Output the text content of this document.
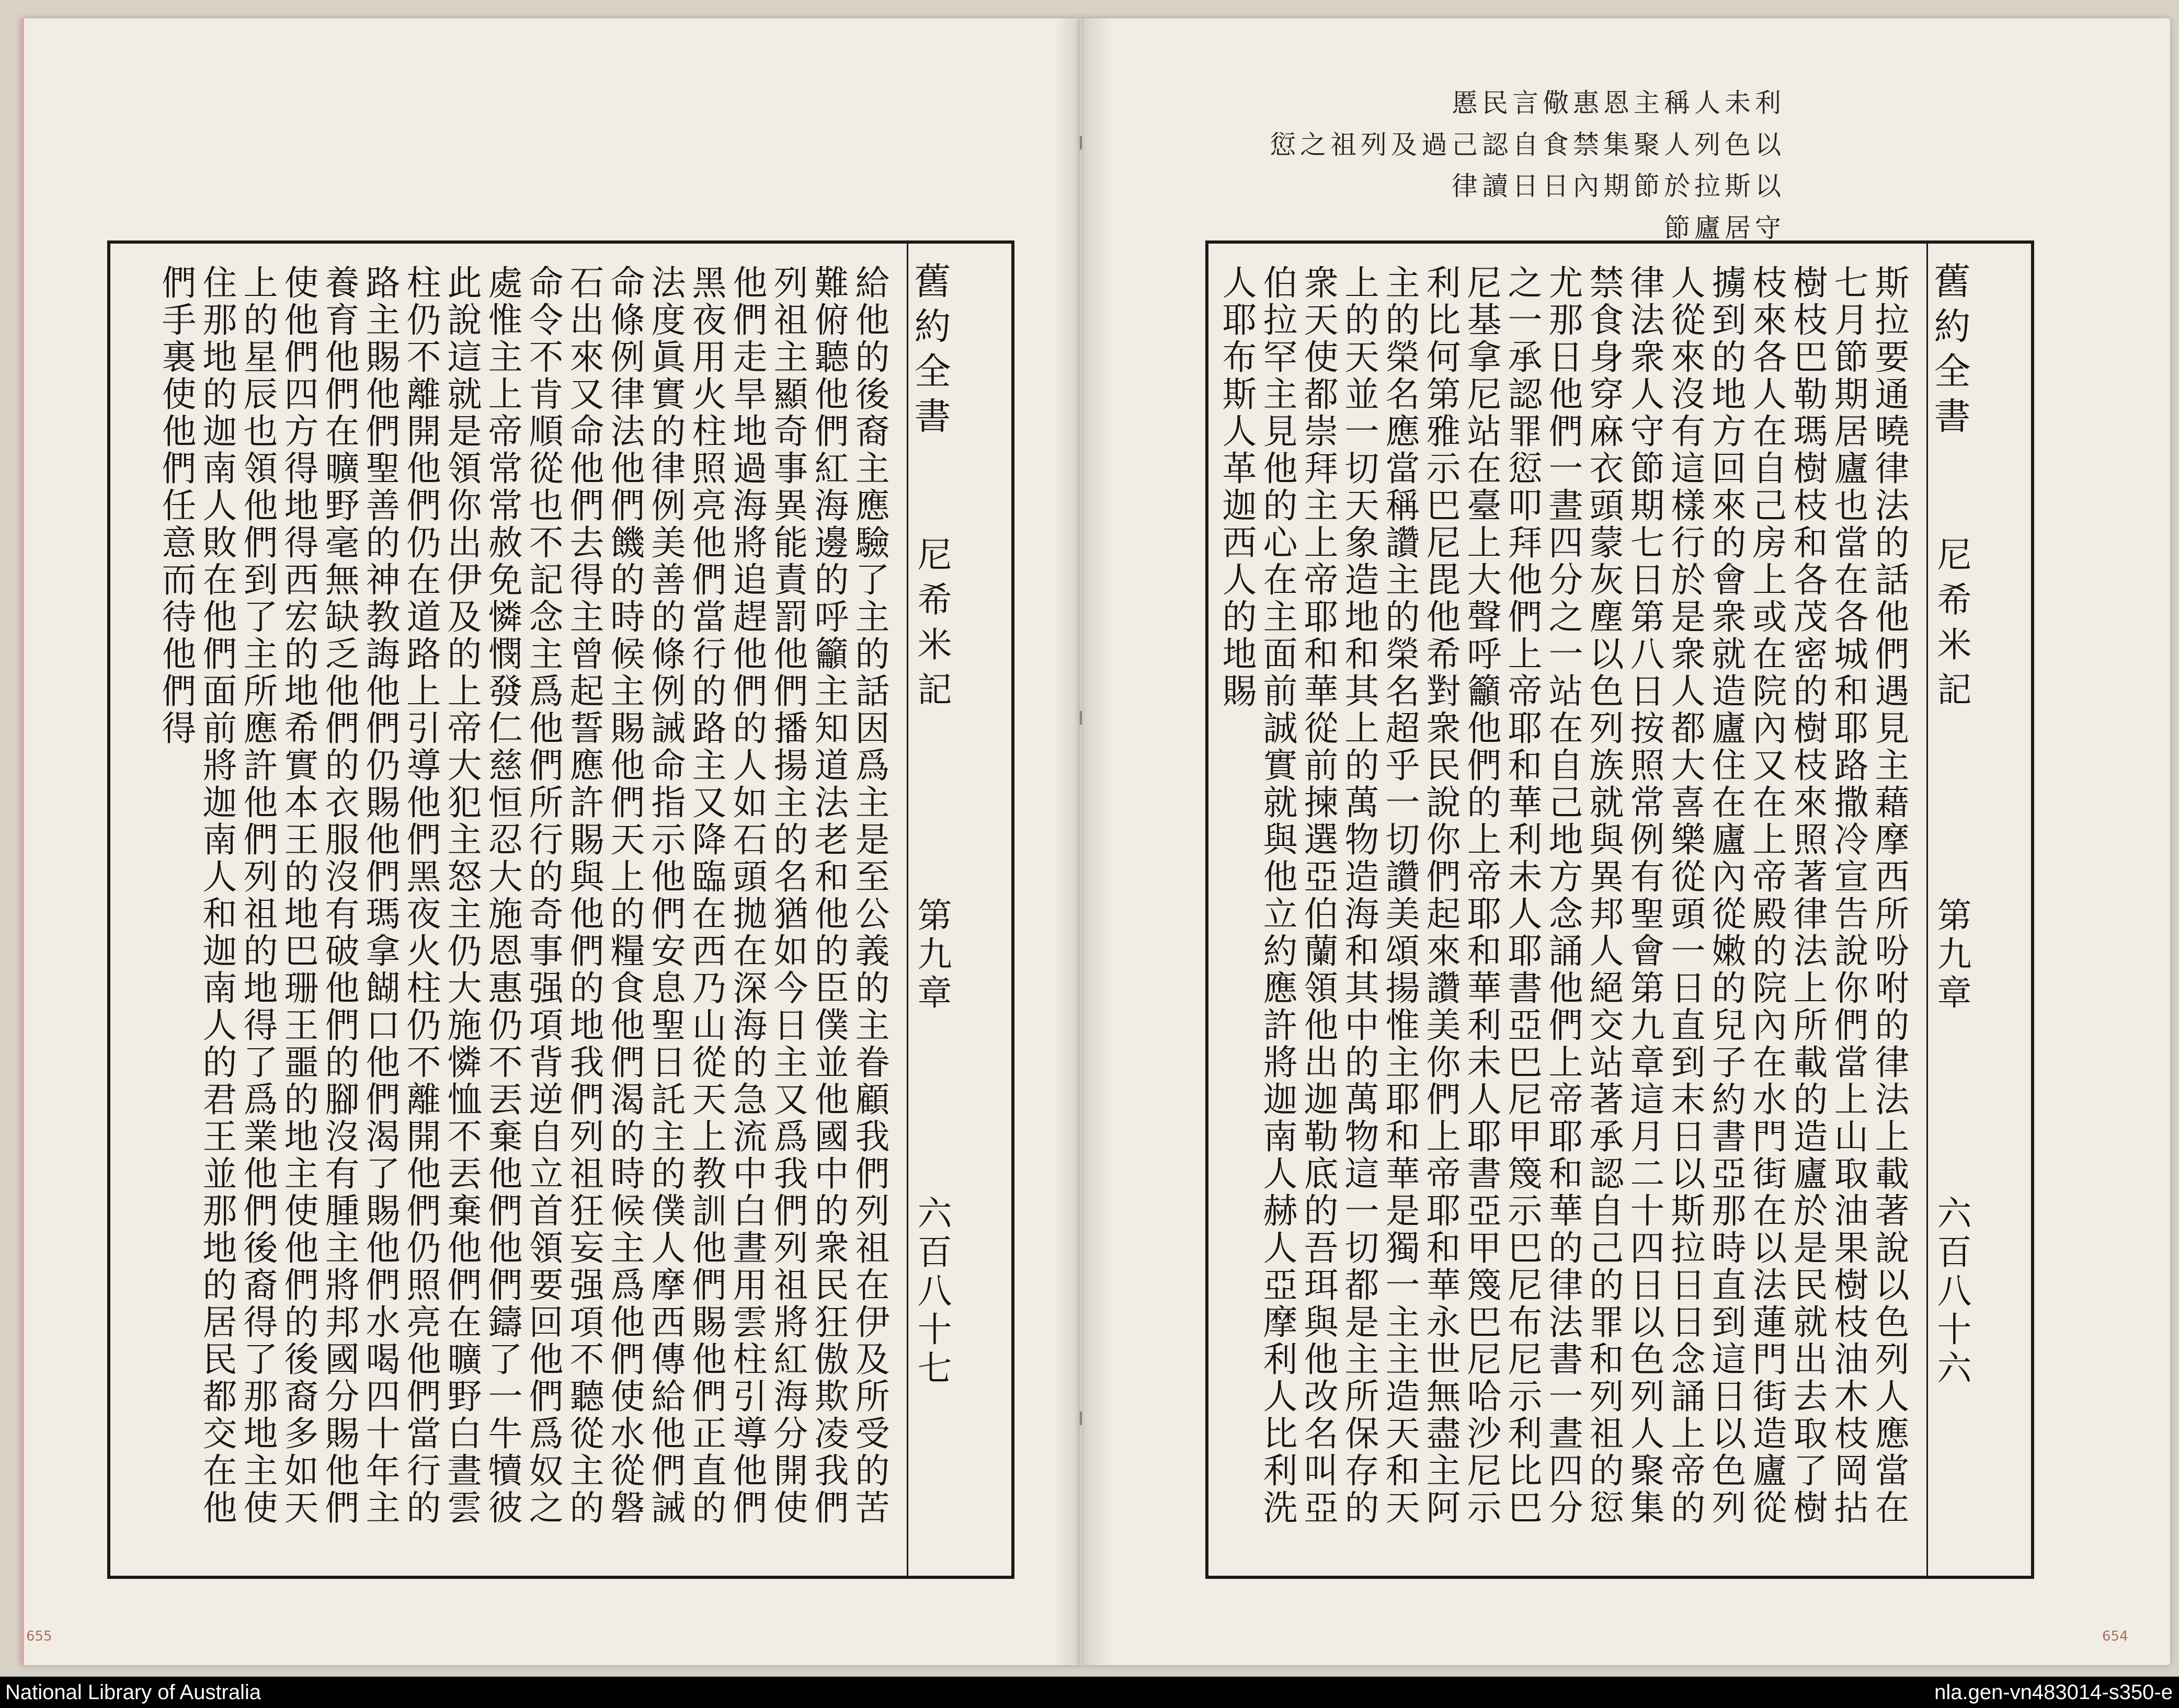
給他的後裔主應驗了主的話因爲主是至公義的主眷顧我們列祖在伊及所受的苦難俯聽他們紅海邊的呼籲主知道法老和他的臣僕並他國中的衆民狂傲欺凌我們列祖主顯奇事異能責罰他們播揚主的名猶如今日主又爲我們列祖將紅海分開使他們走旱地過海將追趕他們的人如石頭拋在深海的急流中白晝用雲柱引導他們黑夜用火柱照亮他們當行的路主又降臨在西乃山從天上教訓他們賜他們正直的法度眞實的律例美善的條例誡命指示他們安息聖日託主的僕人摩西傳給他們誡命條例律法他們饑的時候主賜他們天上的糧食他們渴的時候主爲他們使水從磐石出來又命他們去得主曾起誓應許賜與他們的地我們列祖狂妄强項不聽從主的命令不肯順從也不記念主爲他們所行的奇事强項背逆自立首領要回他們爲奴之處惟主上帝常常赦免憐憫發仁慈恒忍大施恩惠仍不丟棄他們他們鑄了一牛犢彼此說這就是領你出伊及的上帝大犯主怒主仍大施憐恤不丟棄他們在曠野白晝雲柱仍不離開他們仍在道路上引導他們黑夜火柱仍不離開他們仍照亮他們當行的路主賜他們聖善的神教誨他們仍賜他們瑪拿餬口他們渴了賜他們水喝四十年主養育他們在曠野毫無缺乏他們的衣服沒有破他們的腳沒有腫主將邦國分賜他們使他們四方得地得西宏的地希實本王的地巴珊王噩的地主使他們的後裔多如天上的星辰也領他們到了主所應許他們列祖的地得了爲業他們後裔得了那地主使住那地的迦南人敗在他們面前將迦南人和迦南人的君王並那地的居民都交在他們手裏使他們任意而待他們得	舊約全書
尼希米記
第九章
六百八十七
655
利未人稱主恩惠儆言民慝
以色列人聚集禁食自認己過及列祖之愆
以斯拉於節期內日日讀律
守居廬節
斯拉要通曉律法的話他們遇見主藉摩西所吩咐的律法上載著說以色列人應當在七月節期居廬也當在各城和耶路撒冷宣告說你們當上山取油果樹枝油木枝岡拈樹枝巴勒瑪樹枝和各茂密的樹枝來照著律法上所載的造廬於是民就出去取了樹枝來各人在自己房上或在院內又在上帝殿的院內在水門街在以法蓮門街造廬從擄到的地方回來的會衆就造廬住在廬內從嫩的兒子約書亞那時直到這日以色列人從來沒有這樣行於是衆人都大喜樂從頭一日直到末日以斯拉日日念誦上帝的律法衆人守節期七日第八日按照常例有聖會第九章這月二十四日以色列人聚集禁食身穿麻衣頭蒙灰塵以色列族就與異邦人絕交站著承認自己的罪和列祖的愆尤那日他們一晝四分之一站在自己地方念誦他們上帝耶和華的律法書一晝四分之一承認罪愆叩拜他們上帝耶和華利未人耶書亞巴尼甲篾示巴尼布尼示利比巴尼基拿尼站在臺上大聲呼籲他們的上帝耶和華利未人耶書亞甲篾巴尼哈沙尼示利比何第雅示巴尼毘他希對衆民說你們起來讚美你們上帝耶和華永世無盡主阿主的榮名應當稱讚主的榮名超乎一切讚美頌揚惟主耶和華是獨一主主造天和天上的天並一切天象造地和其上的萬物造海和其中的萬物這一切都是主所保存的衆天使都崇拜主上帝耶和華從前揀選亞伯蘭領他出迦勒底的吾珥與他改名叫亞伯拉罕主見他的心在主面前誠實就與他立約應許將迦南人赫人亞摩利人比利洗人耶布斯人革迦西人的地賜	舊約全書
尼希米記
第九章
六百八十六
654
National Library of Australia	nla.gen-vn483014-s350-e
